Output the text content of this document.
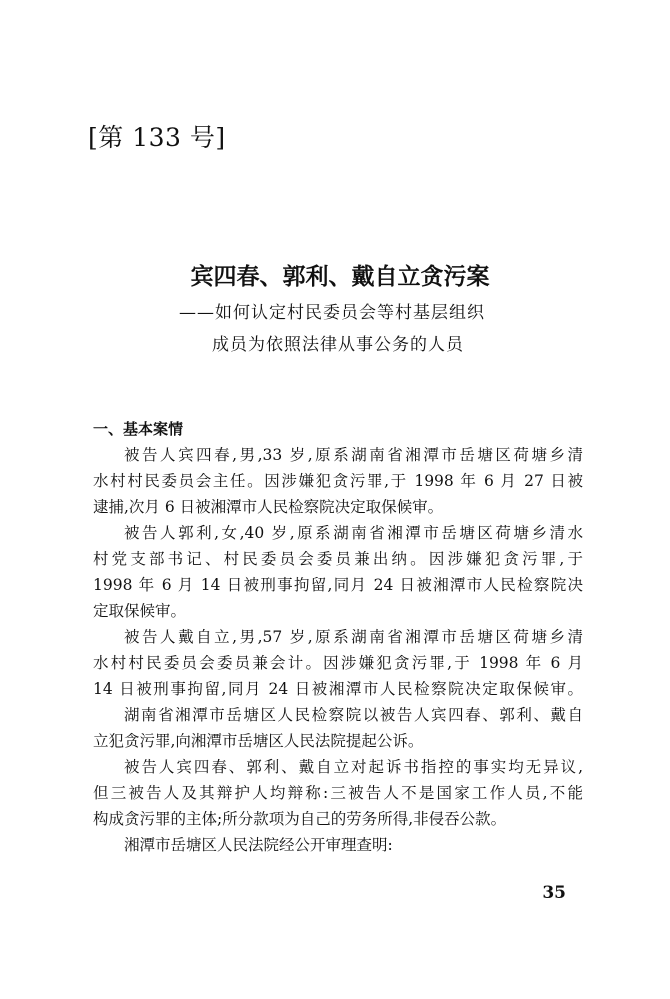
[第 133 号]
宾四春、郭利、戴自立贪污案
——如何认定村民委员会等村基层组织
成员为依照法律从事公务的人员
一、基本案情
被告人宾四春,男,33 岁,原系湖南省湘潭市岳塘区荷塘乡清
水村村民委员会主任。因涉嫌犯贪污罪,于 1998 年 6 月 27 日被
逮捕,次月 6 日被湘潭市人民检察院决定取保候审。
被告人郭利,女,40 岁,原系湖南省湘潭市岳塘区荷塘乡清水
村党支部书记、村民委员会委员兼出纳。因涉嫌犯贪污罪,于
1998 年 6 月 14 日被刑事拘留,同月 24 日被湘潭市人民检察院决
定取保候审。
被告人戴自立,男,57 岁,原系湖南省湘潭市岳塘区荷塘乡清
水村村民委员会委员兼会计。因涉嫌犯贪污罪,于 1998 年 6 月
14 日被刑事拘留,同月 24 日被湘潭市人民检察院决定取保候审。
湖南省湘潭市岳塘区人民检察院以被告人宾四春、郭利、戴自
立犯贪污罪,向湘潭市岳塘区人民法院提起公诉。
被告人宾四春、郭利、戴自立对起诉书指控的事实均无异议,
但三被告人及其辩护人均辩称:三被告人不是国家工作人员,不能
构成贪污罪的主体;所分款项为自己的劳务所得,非侵吞公款。
湘潭市岳塘区人民法院经公开审理查明:
35
